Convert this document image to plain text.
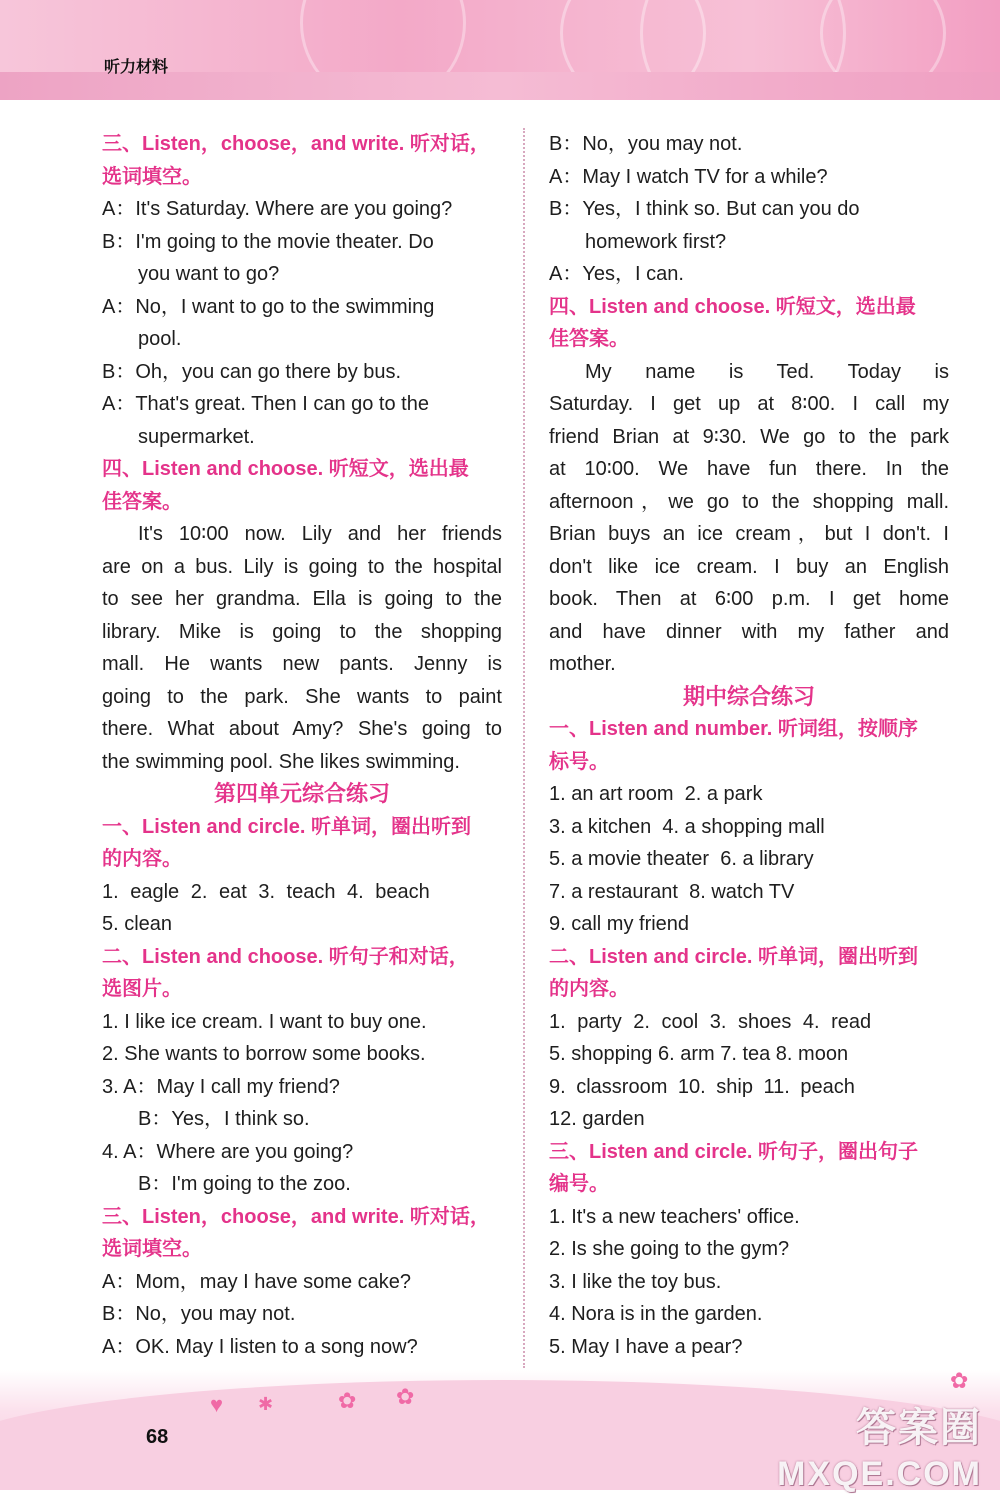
听力材料
三、Listen，choose，and write. 听对话，
选词填空。
A：It's Saturday. Where are you going?
B：I'm going to the movie theater. Do
you want to go?
A：No，I want to go to the swimming
pool.
B：Oh，you can go there by bus.
A：That's great. Then I can go to the
supermarket.
四、Listen and choose. 听短文，选出最
佳答案。
It's 10∶00 now. Lily and her friends
are on a bus. Lily is going to the hospital
to see her grandma. Ella is going to the
library. Mike is going to the shopping
mall. He wants new pants. Jenny is
going to the park. She wants to paint
there. What about Amy? She's going to
the swimming pool. She likes swimming.
第四单元综合练习
一、Listen and circle. 听单词，圈出听到
的内容。
1. eagle 2. eat 3. teach 4. beach
5. clean
二、Listen and choose. 听句子和对话，
选图片。
1. I like ice cream. I want to buy one.
2. She wants to borrow some books.
3. A：May I call my friend?
B：Yes，I think so.
4. A：Where are you going?
B：I'm going to the zoo.
三、Listen，choose，and write. 听对话，
选词填空。
A：Mom，may I have some cake?
B：No，you may not.
A：OK. May I listen to a song now?
B：No，you may not.
A：May I watch TV for a while?
B：Yes，I think so. But can you do
homework first?
A：Yes，I can.
四、Listen and choose. 听短文，选出最
佳答案。
My name is Ted. Today is
Saturday. I get up at 8∶00. I call my
friend Brian at 9∶30. We go to the park
at 10∶00. We have fun there. In the
afternoon，we go to the shopping mall.
Brian buys an ice cream，but I don't. I
don't like ice cream. I buy an English
book. Then at 6∶00 p.m. I get home
and have dinner with my father and
mother.
期中综合练习
一、Listen and number. 听词组，按顺序
标号。
1. an art room  2. a park
3. a kitchen  4. a shopping mall
5. a movie theater  6. a library
7. a restaurant  8. watch TV
9. call my friend
二、Listen and circle. 听单词，圈出听到
的内容。
1. party 2. cool 3. shoes 4. read
5. shopping 6. arm 7. tea 8. moon
9. classroom 10. ship 11. peach
12. garden
三、Listen and circle. 听句子，圈出句子
编号。
1. It's a new teachers' office.
2. Is she going to the gym?
3. I like the toy bus.
4. Nora is in the garden.
5. May I have a pear?
♥ ✱	✿ ✿
✿
68	答案圈
MXQE.COM
